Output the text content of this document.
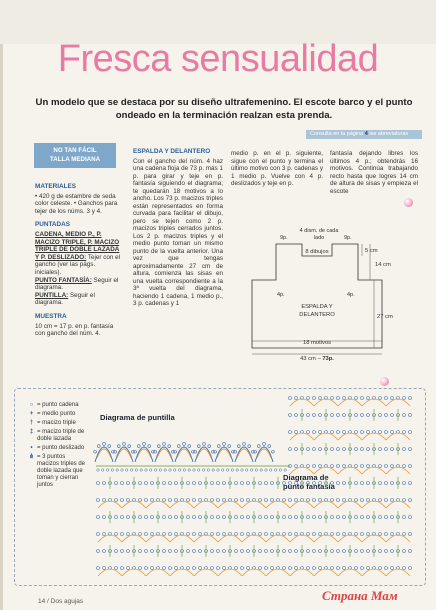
Fresca sensualidad
Un modelo que se destaca por su diseño ultrafemenino. El escote barco y el punto ondeado en la terminación realzan esta prenda.
Consulta en la página 4 las abreviaturas
NO TAN FÁCIL
TALLA MEDIANA
MATERIALES

• 420 g de estambre de seda color celeste. • Ganchos para tejer de los núms. 3 y 4.

PUNTADAS

CADENA, MEDIO P., P. MACIZO TRIPLE, P. MACIZO TRIPLE DE DOBLE LAZADA Y P. DESLIZADO: Tejer con el gancho (ver las págs. iniciales).

PUNTO FANTASÍA: Seguir el diagrama.

PUNTILLA: Seguir el diagrama.

MUESTRA

10 cm = 17 p. en p. fantasía con gancho del núm. 4.

ESPALDA Y DELANTERO
Con el gancho del núm. 4 haz una cadena floja de 73 p. más 1 p. para girar y teje en p. fantasía siguiendo el diagrama; te quedarán 18 motivos a lo ancho. Los 73 p. macizos triples están representados en forma curvada para facilitar el dibujo, pero se tejen como 2 p. macizos triples cerrados juntos. Los 2 p. macizos triples y el medio punto toman un mismo punto de la vuelta anterior. Una vez que tengas aproximadamente 27 cm de altura, comienza las sisas en una vuelta correspondiente a la 3ª vuelta del diagrama, haciendo 1 cadena, 1 medio p., 3 p. cadenas y 1
medio p. en el p. siguiente, sigue con el punto y termina el último motivo con 3 p. cadenas y 1 medio p. Vuelve con 4 p. deslizados y teje en p.
fantasía dejando libres los últimos 4 p.; obtendrás 16 motivos. Continúa trabajando recto hasta que logres 14 cm de altura de sisas y empieza el escote
4 dism. de cada
lado
9p.	9p.
8 dibujos	5 cm
14 cm
4p.	4p.
ESPALDA Y
DELANTERO	27 cm
18 motivos
43 cm – 73p.
○ = punto cadena
+ = medio punto
† = macizo triple
‡ = macizo triple de doble lazada
• = punto deslizado
⋔ = 3 puntos macizos triples de doble lazada que toman y cierran juntos
Diagrama de puntilla
Diagrama de
punto fantasía
14 / Dos agujas	Страна Мам
